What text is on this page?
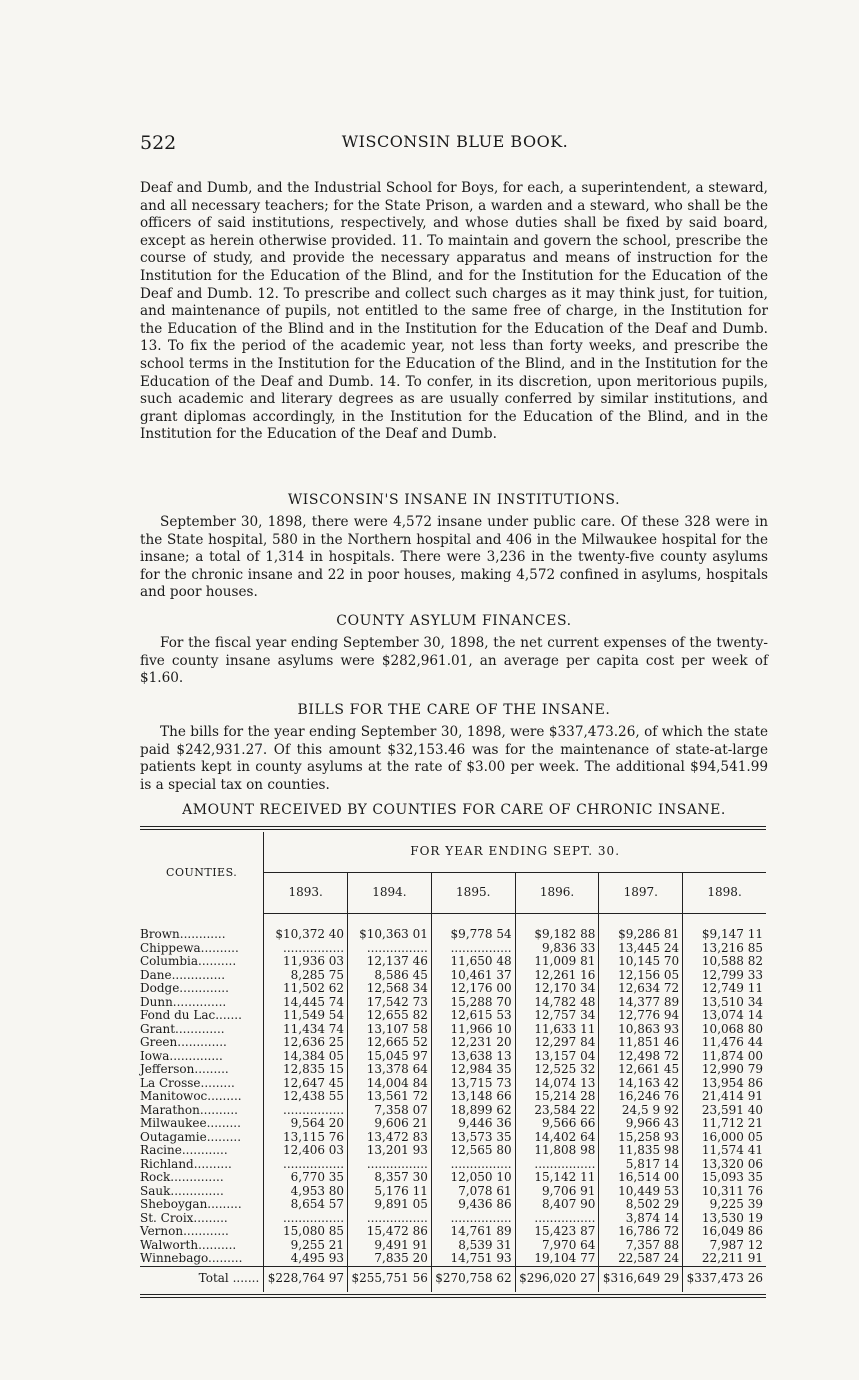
522	WISCONSIN BLUE BOOK.
Deaf and Dumb, and the Industrial School for Boys, for each, a superintendent, a steward, and all necessary teachers; for the State Prison, a warden and a steward, who shall be the officers of said institutions, respectively, and whose duties shall be fixed by said board, except as herein otherwise provided. 11. To maintain and govern the school, prescribe the course of study, and provide the necessary apparatus and means of instruction for the Institution for the Education of the Blind, and for the Institution for the Education of the Deaf and Dumb. 12. To prescribe and collect such charges as it may think just, for tuition, and maintenance of pupils, not entitled to the same free of charge, in the Institution for the Education of the Blind and in the Institution for the Education of the Deaf and Dumb. 13. To fix the period of the academic year, not less than forty weeks, and prescribe the school terms in the Institution for the Education of the Blind, and in the Institution for the Education of the Deaf and Dumb. 14. To confer, in its discretion, upon meritorious pupils, such academic and literary degrees as are usually conferred by similar institutions, and grant diplomas accordingly, in the Institution for the Education of the Blind, and in the Institution for the Education of the Deaf and Dumb.
WISCONSIN'S INSANE IN INSTITUTIONS.
September 30, 1898, there were 4,572 insane under public care. Of these 328 were in the State hospital, 580 in the Northern hospital and 406 in the Milwaukee hospital for the insane; a total of 1,314 in hospitals. There were 3,236 in the twenty-five county asylums for the chronic insane and 22 in poor houses, making 4,572 confined in asylums, hospitals and poor houses.
COUNTY ASYLUM FINANCES.
For the fiscal year ending September 30, 1898, the net current expenses of the twenty-five county insane asylums were $282,961.01, an average per capita cost per week of $1.60.
BILLS FOR THE CARE OF THE INSANE.
The bills for the year ending September 30, 1898, were $337,473.26, of which the state paid $242,931.27. Of this amount $32,153.46 was for the maintenance of state-at-large patients kept in county asylums at the rate of $3.00 per week. The additional $94,541.99 is a special tax on counties.
AMOUNT RECEIVED BY COUNTIES FOR CARE OF CHRONIC INSANE.
COUNTIES.	FOR YEAR ENDING SEPT. 30.					
	1893.	1894.	1895.	1896.	1897.	1898.

Brown............	$10,372 40	$10,363 01	$9,778 54	$9,182 88	$9,286 81	$9,147 11
Chippewa..........	................	................	................	9,836 33	13,445 24	13,216 85
Columbia..........	11,936 03	12,137 46	11,650 48	11,009 81	10,145 70	10,588 82
Dane..............	8,285 75	8,586 45	10,461 37	12,261 16	12,156 05	12,799 33
Dodge.............	11,502 62	12,568 34	12,176 00	12,170 34	12,634 72	12,749 11
Dunn..............	14,445 74	17,542 73	15,288 70	14,782 48	14,377 89	13,510 34
Fond du Lac.......	11,549 54	12,655 82	12,615 53	12,757 34	12,776 94	13,074 14
Grant.............	11,434 74	13,107 58	11,966 10	11,633 11	10,863 93	10,068 80
Green.............	12,636 25	12,665 52	12,231 20	12,297 84	11,851 46	11,476 44
Iowa..............	14,384 05	15,045 97	13,638 13	13,157 04	12,498 72	11,874 00
Jefferson.........	12,835 15	13,378 64	12,984 35	12,525 32	12,661 45	12,990 79
La Crosse.........	12,647 45	14,004 84	13,715 73	14,074 13	14,163 42	13,954 86
Manitowoc.........	12,438 55	13,561 72	13,148 66	15,214 28	16,246 76	21,414 91
Marathon..........	................	7,358 07	18,899 62	23,584 22	24,5 9 92	23,591 40
Milwaukee.........	9,564 20	9,606 21	9,446 36	9,566 66	9,966 43	11,712 21
Outagamie.........	13,115 76	13,472 83	13,573 35	14,402 64	15,258 93	16,000 05
Racine............	12,406 03	13,201 93	12,565 80	11,808 98	11,835 98	11,574 41
Richland..........	................	................	................	................	5,817 14	13,320 06
Rock..............	6,770 35	8,357 30	12,050 10	15,142 11	16,514 00	15,093 35
Sauk..............	4,953 80	5,176 11	7,078 61	9,706 91	10,449 53	10,311 76
Sheboygan.........	8,654 57	9,891 05	9,436 86	8,407 90	8,502 29	9,225 39
St. Croix.........	................	................	................	................	3,874 14	13,530 19
Vernon............	15,080 85	15,472 86	14,761 89	15,423 87	16,786 72	16,049 86
Walworth..........	9,255 21	9,491 91	8,539 31	7,970 64	7,357 88	7,987 12
Winnebago.........	4,495 93	7,835 20	14,751 93	19,104 77	22,587 24	22,211 91
Total .......	$228,764 97	$255,751 56	$270,758 62	$296,020 27	$316,649 29	$337,473 26
